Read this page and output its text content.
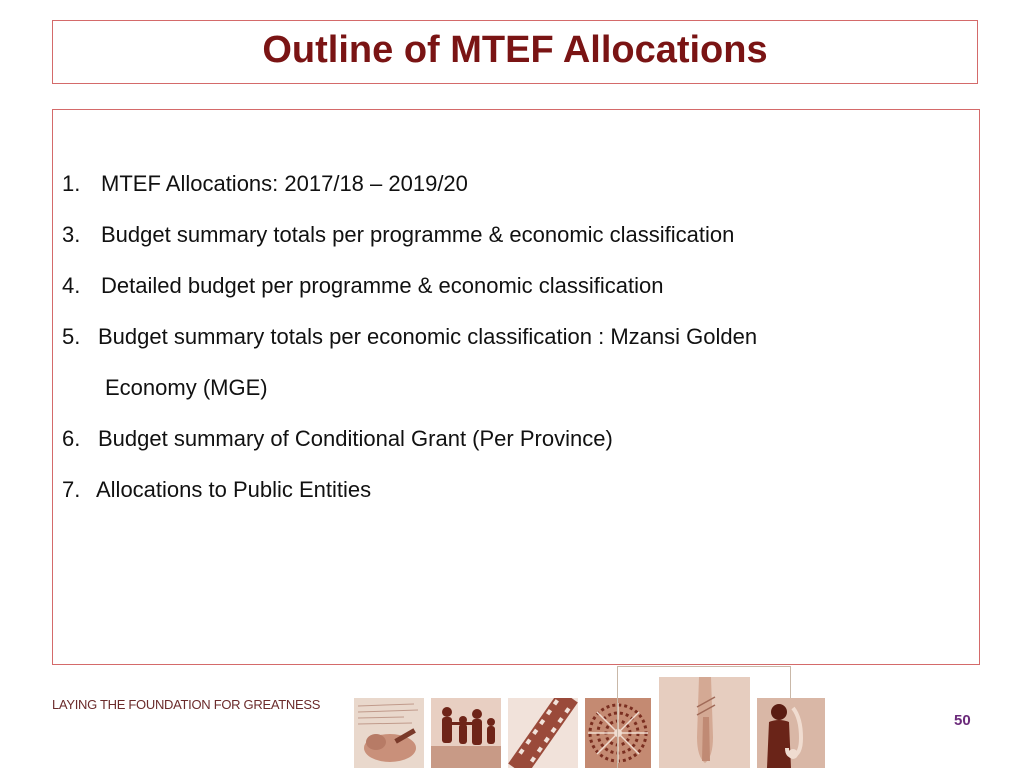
Outline of MTEF Allocations
1. MTEF Allocations: 2017/18 – 2019/20
3. Budget summary totals per programme & economic classification
4. Detailed budget per programme & economic classification
5. Budget summary totals per economic classification : Mzansi Golden
Economy (MGE)
6. Budget summary of Conditional Grant (Per Province)
7. Allocations to Public Entities
LAYING THE FOUNDATION FOR GREATNESS
50
